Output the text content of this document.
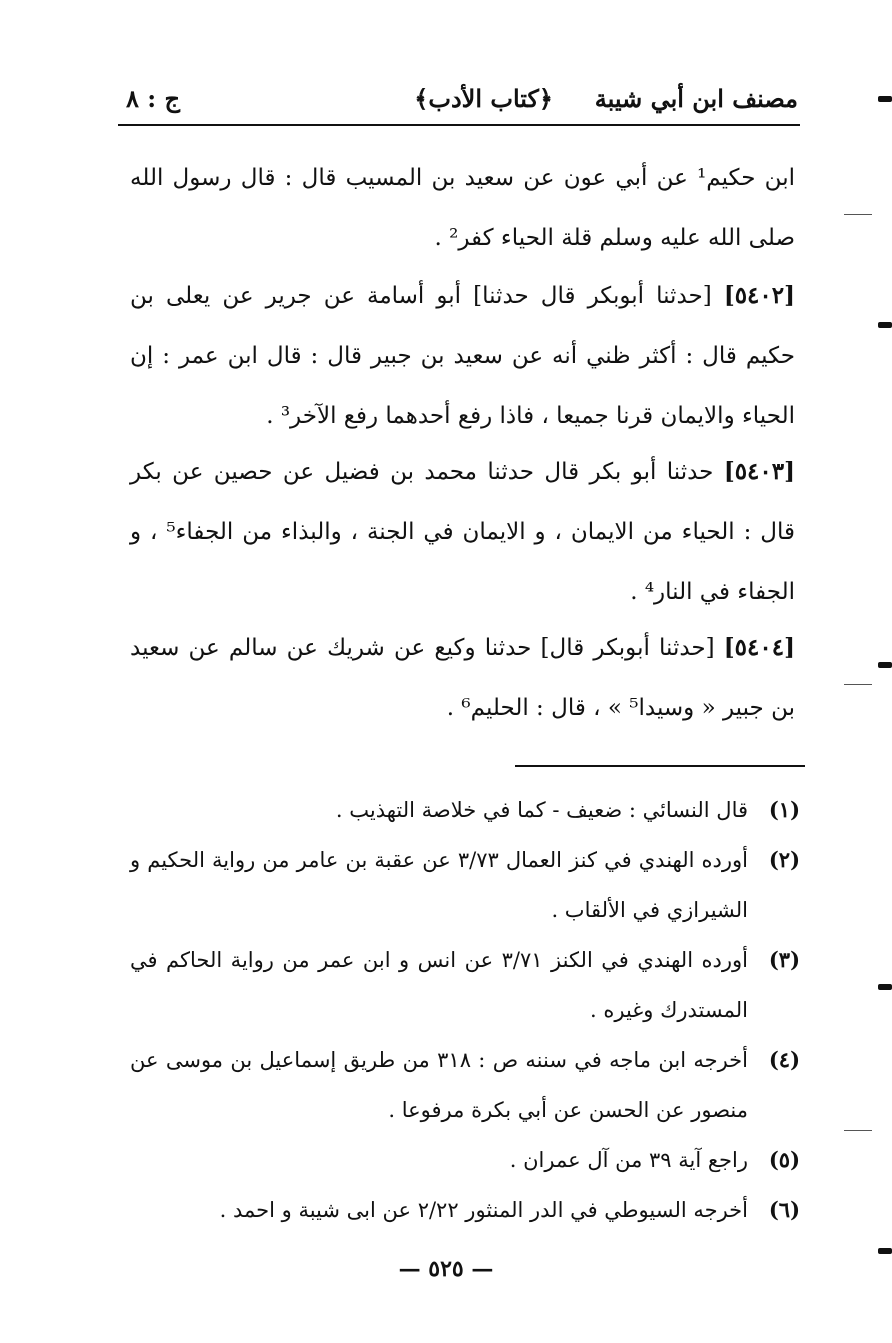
مصنف ابن أبي شيبة
﴿كتاب الأدب﴾
ج : ٨

ابن حكيم¹ عن أبي عون عن سعيد بن المسيب قال : قال رسول الله صلى الله عليه وسلم قلة الحياء كفر² .

[٥٤٠٢] [حدثنا أبوبكر قال حدثنا] أبو أسامة عن جرير عن يعلى بن حكيم قال : أكثر ظني أنه عن سعيد بن جبير قال : قال ابن عمر : إن الحياء والايمان قرنا جميعا ، فاذا رفع أحدهما رفع الآخر³ .

[٥٤٠٣] حدثنا أبو بكر قال حدثنا محمد بن فضيل عن حصين عن بكر قال : الحياء من الايمان ، و الايمان في الجنة ، والبذاء من الجفاء⁵ ، و الجفاء في النار⁴ .

[٥٤٠٤] [حدثنا أبوبكر قال] حدثنا وكيع عن شريك عن سالم عن سعيد بن جبير « وسيدا⁵ » ، قال : الحليم⁶ .

(١)قال النسائي : ضعيف - كما في خلاصة التهذيب .

(٢)أورده الهندي في كنز العمال ٣/٧٣ عن عقبة بن عامر من رواية الحكيم و الشيرازي في الألقاب .

(٣)أورده الهندي في الكنز ٣/٧١ عن انس و ابن عمر من رواية الحاكم في المستدرك وغيره .

(٤)أخرجه ابن ماجه في سننه ص : ٣١٨ من طريق إسماعيل بن موسى عن منصور عن الحسن عن أبي بكرة مرفوعا .

(٥)راجع آية ٣٩ من آل عمران .

(٦)أخرجه السيوطي في الدر المنثور ٢/٢٢ عن ابى شيبة و احمد .

— ٥٢٥ —
